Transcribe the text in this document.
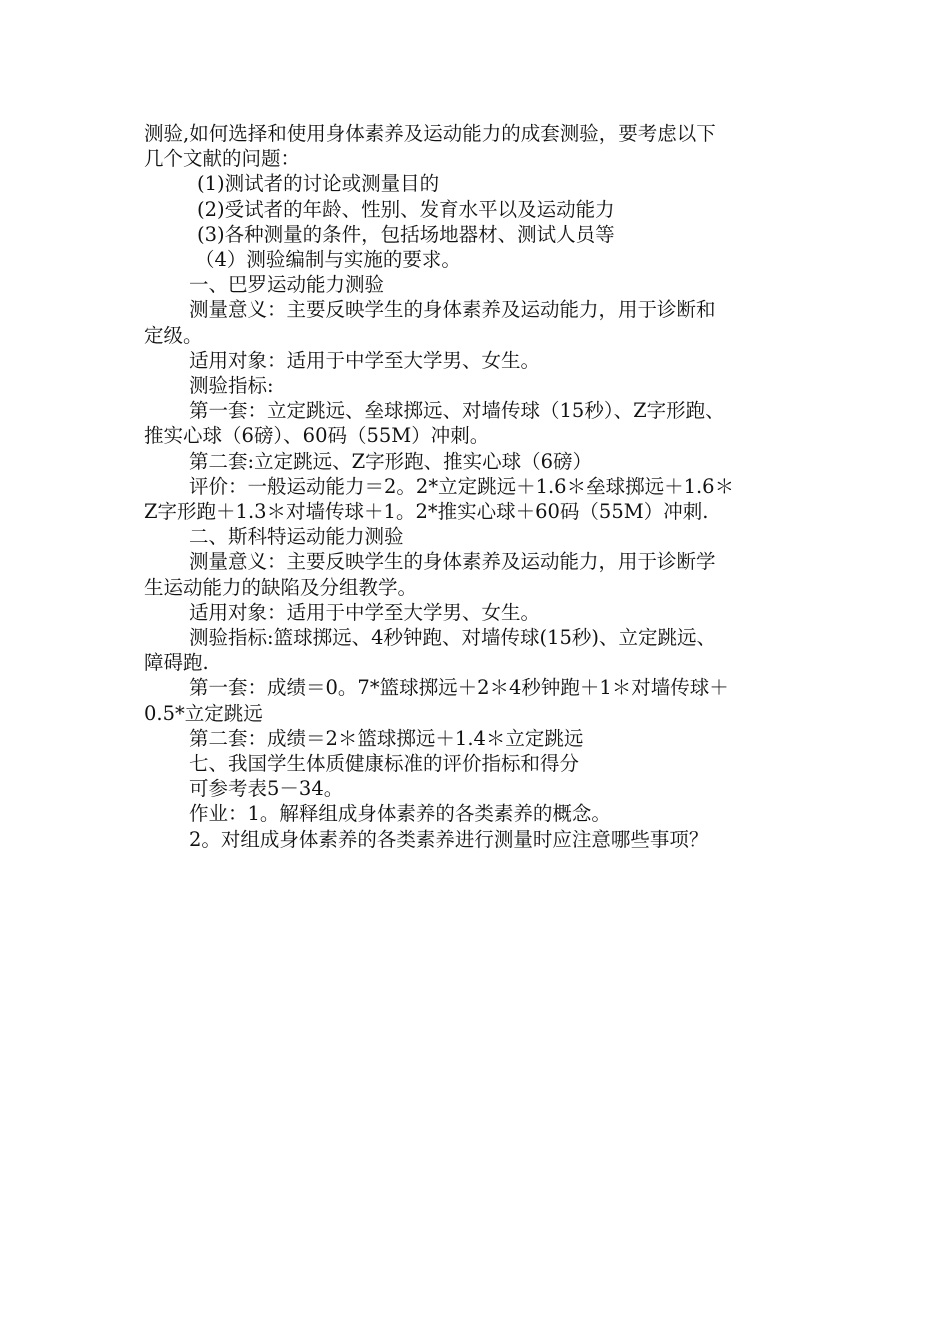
测验,如何选择和使用身体素养及运动能力的成套测验，要考虑以下

几个文献的问题：

(1)测试者的讨论或测量目的

(2)受试者的年龄、性别、发育水平以及运动能力

(3)各种测量的条件，包括场地器材、测试人员等

（4）测验编制与实施的要求。

一、巴罗运动能力测验

测量意义：主要反映学生的身体素养及运动能力，用于诊断和

定级。

适用对象：适用于中学至大学男、女生。

测验指标:

第一套：立定跳远、垒球掷远、对墙传球（15秒）、Z字形跑、

推实心球（6磅）、60码（55M）冲刺。

第二套:立定跳远、Z字形跑、推实心球（6磅）

评价：一般运动能力＝2。2*立定跳远＋1.6＊垒球掷远＋1.6＊

Z字形跑＋1.3＊对墙传球＋1。2*推实心球＋60码（55M）冲刺.

二、斯科特运动能力测验

测量意义：主要反映学生的身体素养及运动能力，用于诊断学

生运动能力的缺陷及分组教学。

适用对象：适用于中学至大学男、女生。

测验指标:篮球掷远、4秒钟跑、对墙传球(15秒)、立定跳远、

障碍跑.

第一套：成绩＝0。7*篮球掷远＋2＊4秒钟跑＋1＊对墙传球＋

0.5*立定跳远

第二套：成绩＝2＊篮球掷远＋1.4＊立定跳远

七、我国学生体质健康标准的评价指标和得分

可参考表5－34。

作业：1。解释组成身体素养的各类素养的概念。

2。对组成身体素养的各类素养进行测量时应注意哪些事项？
